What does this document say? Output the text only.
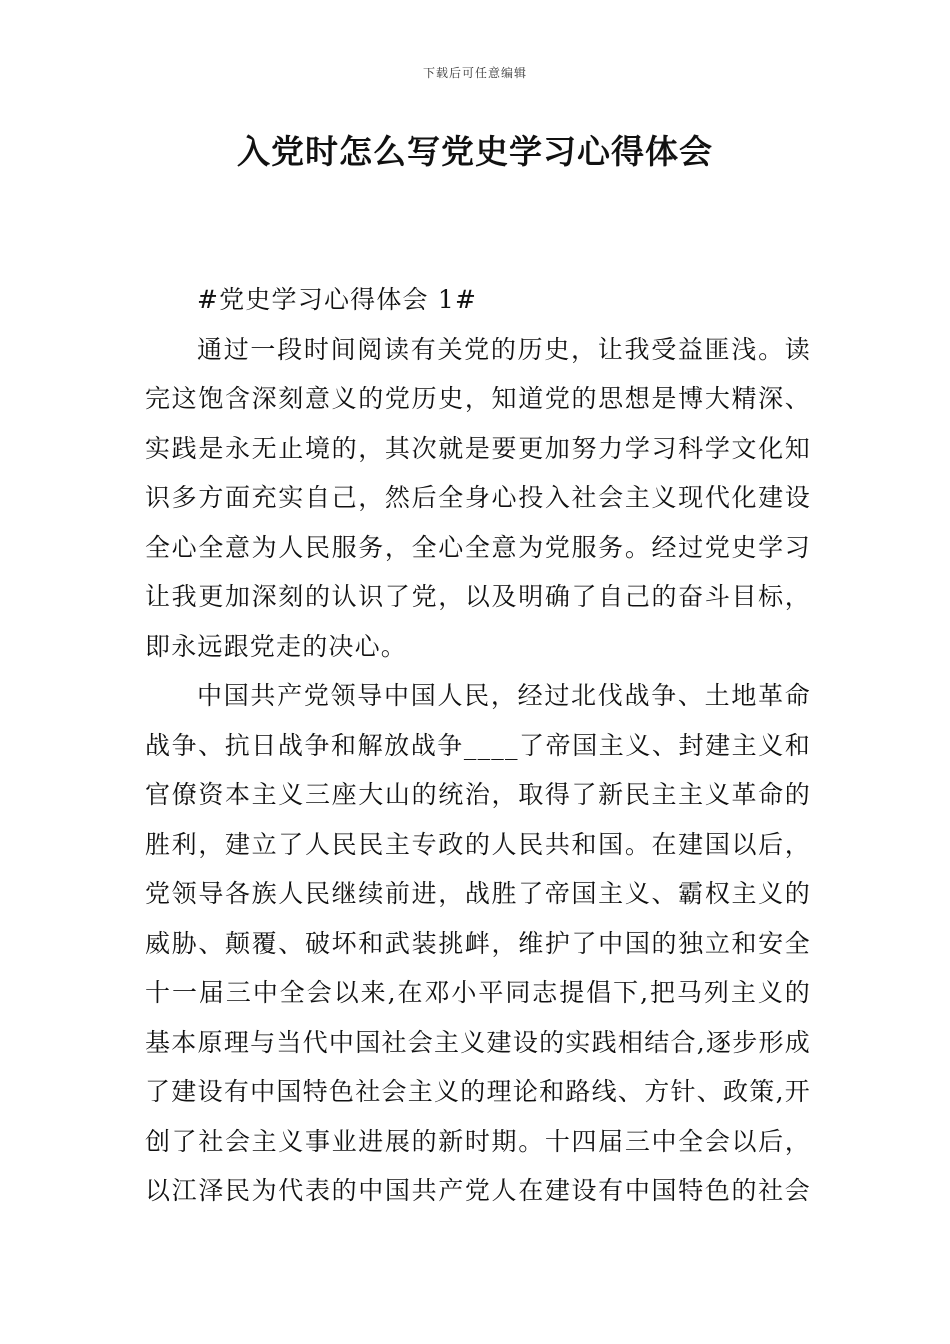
下载后可任意编辑
入党时怎么写党史学习心得体会
#党史学习心得体会 1#
通过一段时间阅读有关党的历史，让我受益匪浅。读
完这饱含深刻意义的党历史，知道党的思想是博大精深、
实践是永无止境的，其次就是要更加努力学习科学文化知
识多方面充实自己，然后全身心投入社会主义现代化建设
全心全意为人民服务，全心全意为党服务。经过党史学习
让我更加深刻的认识了党，以及明确了自己的奋斗目标，
即永远跟党走的决心。
中国共产党领导中国人民，经过北伐战争、土地革命
战争、抗日战争和解放战争____了帝国主义、封建主义和
官僚资本主义三座大山的统治，取得了新民主主义革命的
胜利，建立了人民民主专政的人民共和国。在建国以后，
党领导各族人民继续前进，战胜了帝国主义、霸权主义的
威胁、颠覆、破坏和武装挑衅，维护了中国的独立和安全
十一届三中全会以来,在邓小平同志提倡下,把马列主义的
基本原理与当代中国社会主义建设的实践相结合,逐步形成
了建设有中国特色社会主义的理论和路线、方针、政策,开
创了社会主义事业进展的新时期。十四届三中全会以后，
以江泽民为代表的中国共产党人在建设有中国特色的社会
